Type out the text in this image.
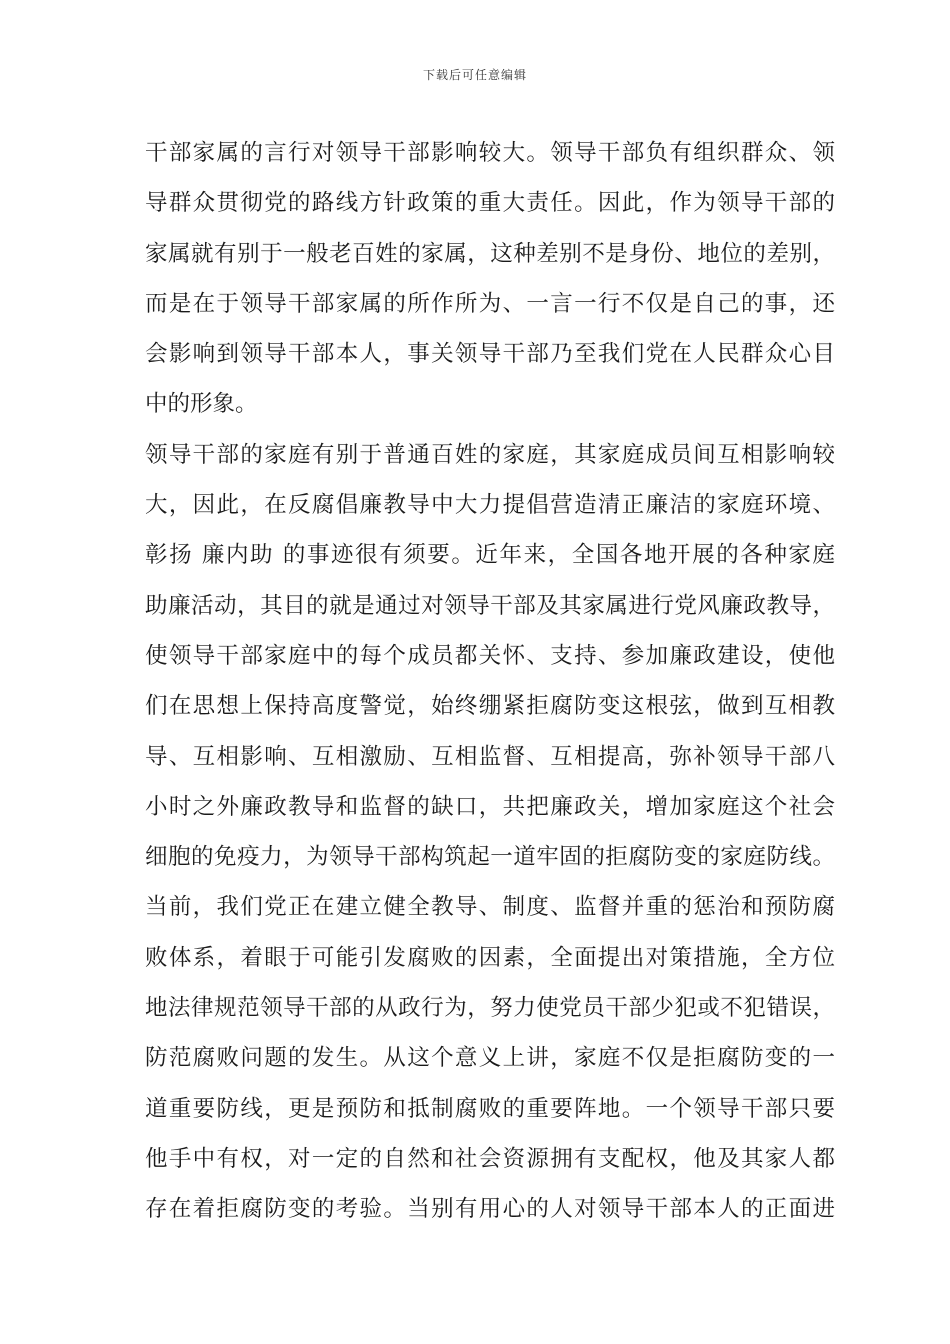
下载后可任意编辑
干部家属的言行对领导干部影响较大。领导干部负有组织群众、领
导群众贯彻党的路线方针政策的重大责任。因此，作为领导干部的
家属就有别于一般老百姓的家属，这种差别不是身份、地位的差别，
而是在于领导干部家属的所作所为、一言一行不仅是自己的事，还
会影响到领导干部本人，事关领导干部乃至我们党在人民群众心目
中的形象。
领导干部的家庭有别于普通百姓的家庭，其家庭成员间互相影响较
大，因此，在反腐倡廉教导中大力提倡营造清正廉洁的家庭环境、
彰扬 廉内助 的事迹很有须要。近年来，全国各地开展的各种家庭
助廉活动，其目的就是通过对领导干部及其家属进行党风廉政教导，
使领导干部家庭中的每个成员都关怀、支持、参加廉政建设，使他
们在思想上保持高度警觉，始终绷紧拒腐防变这根弦，做到互相教
导、互相影响、互相激励、互相监督、互相提高，弥补领导干部八
小时之外廉政教导和监督的缺口，共把廉政关，增加家庭这个社会
细胞的免疫力，为领导干部构筑起一道牢固的拒腐防变的家庭防线。
当前，我们党正在建立健全教导、制度、监督并重的惩治和预防腐
败体系，着眼于可能引发腐败的因素，全面提出对策措施，全方位
地法律规范领导干部的从政行为，努力使党员干部少犯或不犯错误，
防范腐败问题的发生。从这个意义上讲，家庭不仅是拒腐防变的一
道重要防线，更是预防和抵制腐败的重要阵地。一个领导干部只要
他手中有权，对一定的自然和社会资源拥有支配权，他及其家人都
存在着拒腐防变的考验。当别有用心的人对领导干部本人的正面进
